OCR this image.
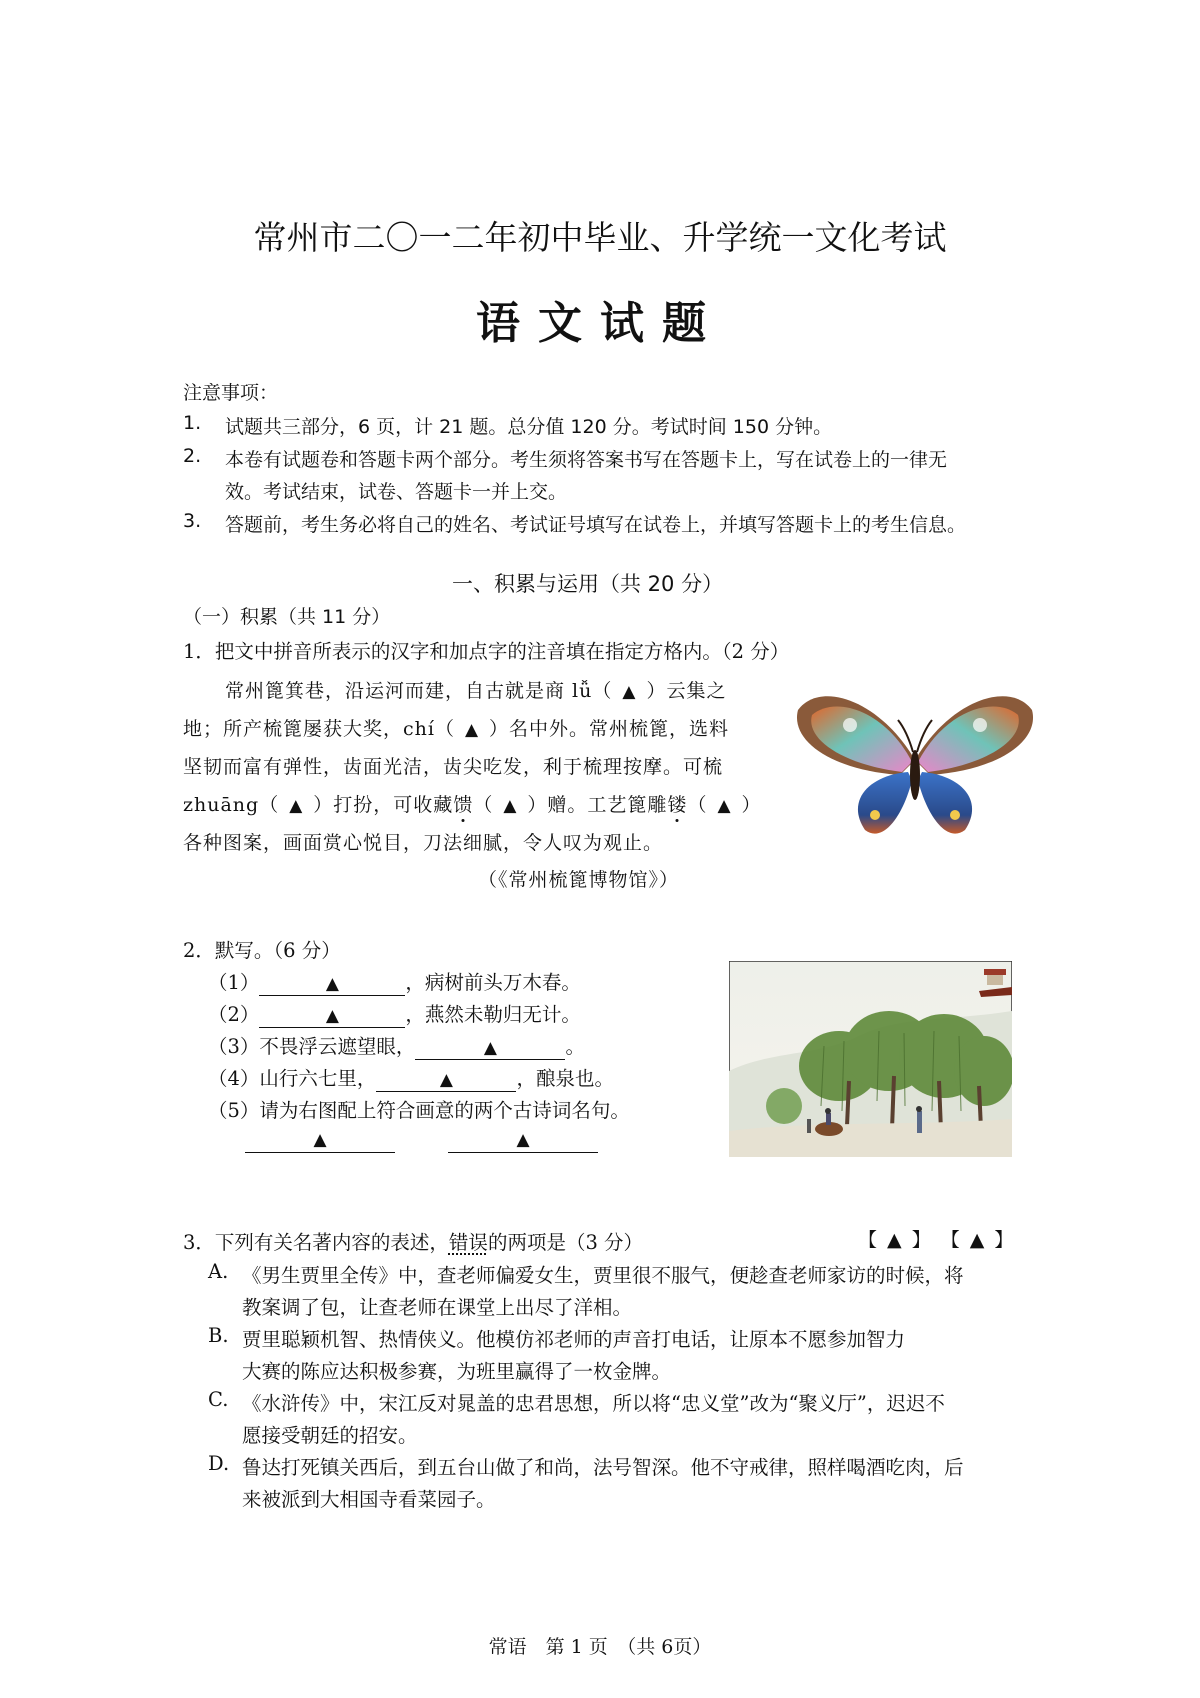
常州市二〇一二年初中毕业、升学统一文化考试
语文试题
注意事项：
1. 试题共三部分，6 页，计 21 题。总分值 120 分。考试时间 150 分钟。
2. 本卷有试题卷和答题卡两个部分。考生须将答案书写在答题卡上，写在试卷上的一律无
效。考试结束，试卷、答题卡一并上交。
3. 答题前，考生务必将自己的姓名、考试证号填写在试卷上，并填写答题卡上的考生信息。
一、积累与运用（共 20 分）
（一）积累（共 11 分）
1．把文中拼音所表示的汉字和加点字的注音填在指定方格内。（2 分）
常州篦箕巷，沿运河而建，自古就是商 lǚ（ ▲ ）云集之
地；所产梳篦屡获大奖，chí（ ▲ ）名中外。常州梳篦，选料
坚韧而富有弹性，齿面光洁，齿尖吃发，利于梳理按摩。可梳
zhuāng（ ▲ ）打扮，可收藏馈（ ▲ ）赠。工艺篦雕镂（ ▲ ）
各种图案，画面赏心悦目，刀法细腻，令人叹为观止。
（《常州梳篦博物馆》）
2．默写。（6 分）
（1）	▲	，病树前头万木春。
（2）	▲	，燕然未勒归无计。
（3）不畏浮云遮望眼，	▲	。
（4）山行六七里，	▲	，酿泉也。
（5）请为右图配上符合画意的两个古诗词名句。
▲	▲
3．下列有关名著内容的表述，错误的两项是（3 分）	【 ▲ 】 【 ▲ 】
A. 《男生贾里全传》中，查老师偏爱女生，贾里很不服气，便趁查老师家访的时候，将
教案调了包，让查老师在课堂上出尽了洋相。
B. 贾里聪颖机智、热情侠义。他模仿祁老师的声音打电话，让原本不愿参加智力
大赛的陈应达积极参赛，为班里赢得了一枚金牌。
C. 《水浒传》中，宋江反对晁盖的忠君思想，所以将“忠义堂”改为“聚义厅”，迟迟不
愿接受朝廷的招安。
D. 鲁达打死镇关西后，到五台山做了和尚，法号智深。他不守戒律，照样喝酒吃肉，后
来被派到大相国寺看菜园子。
常语　第 1 页　（共 6页）
